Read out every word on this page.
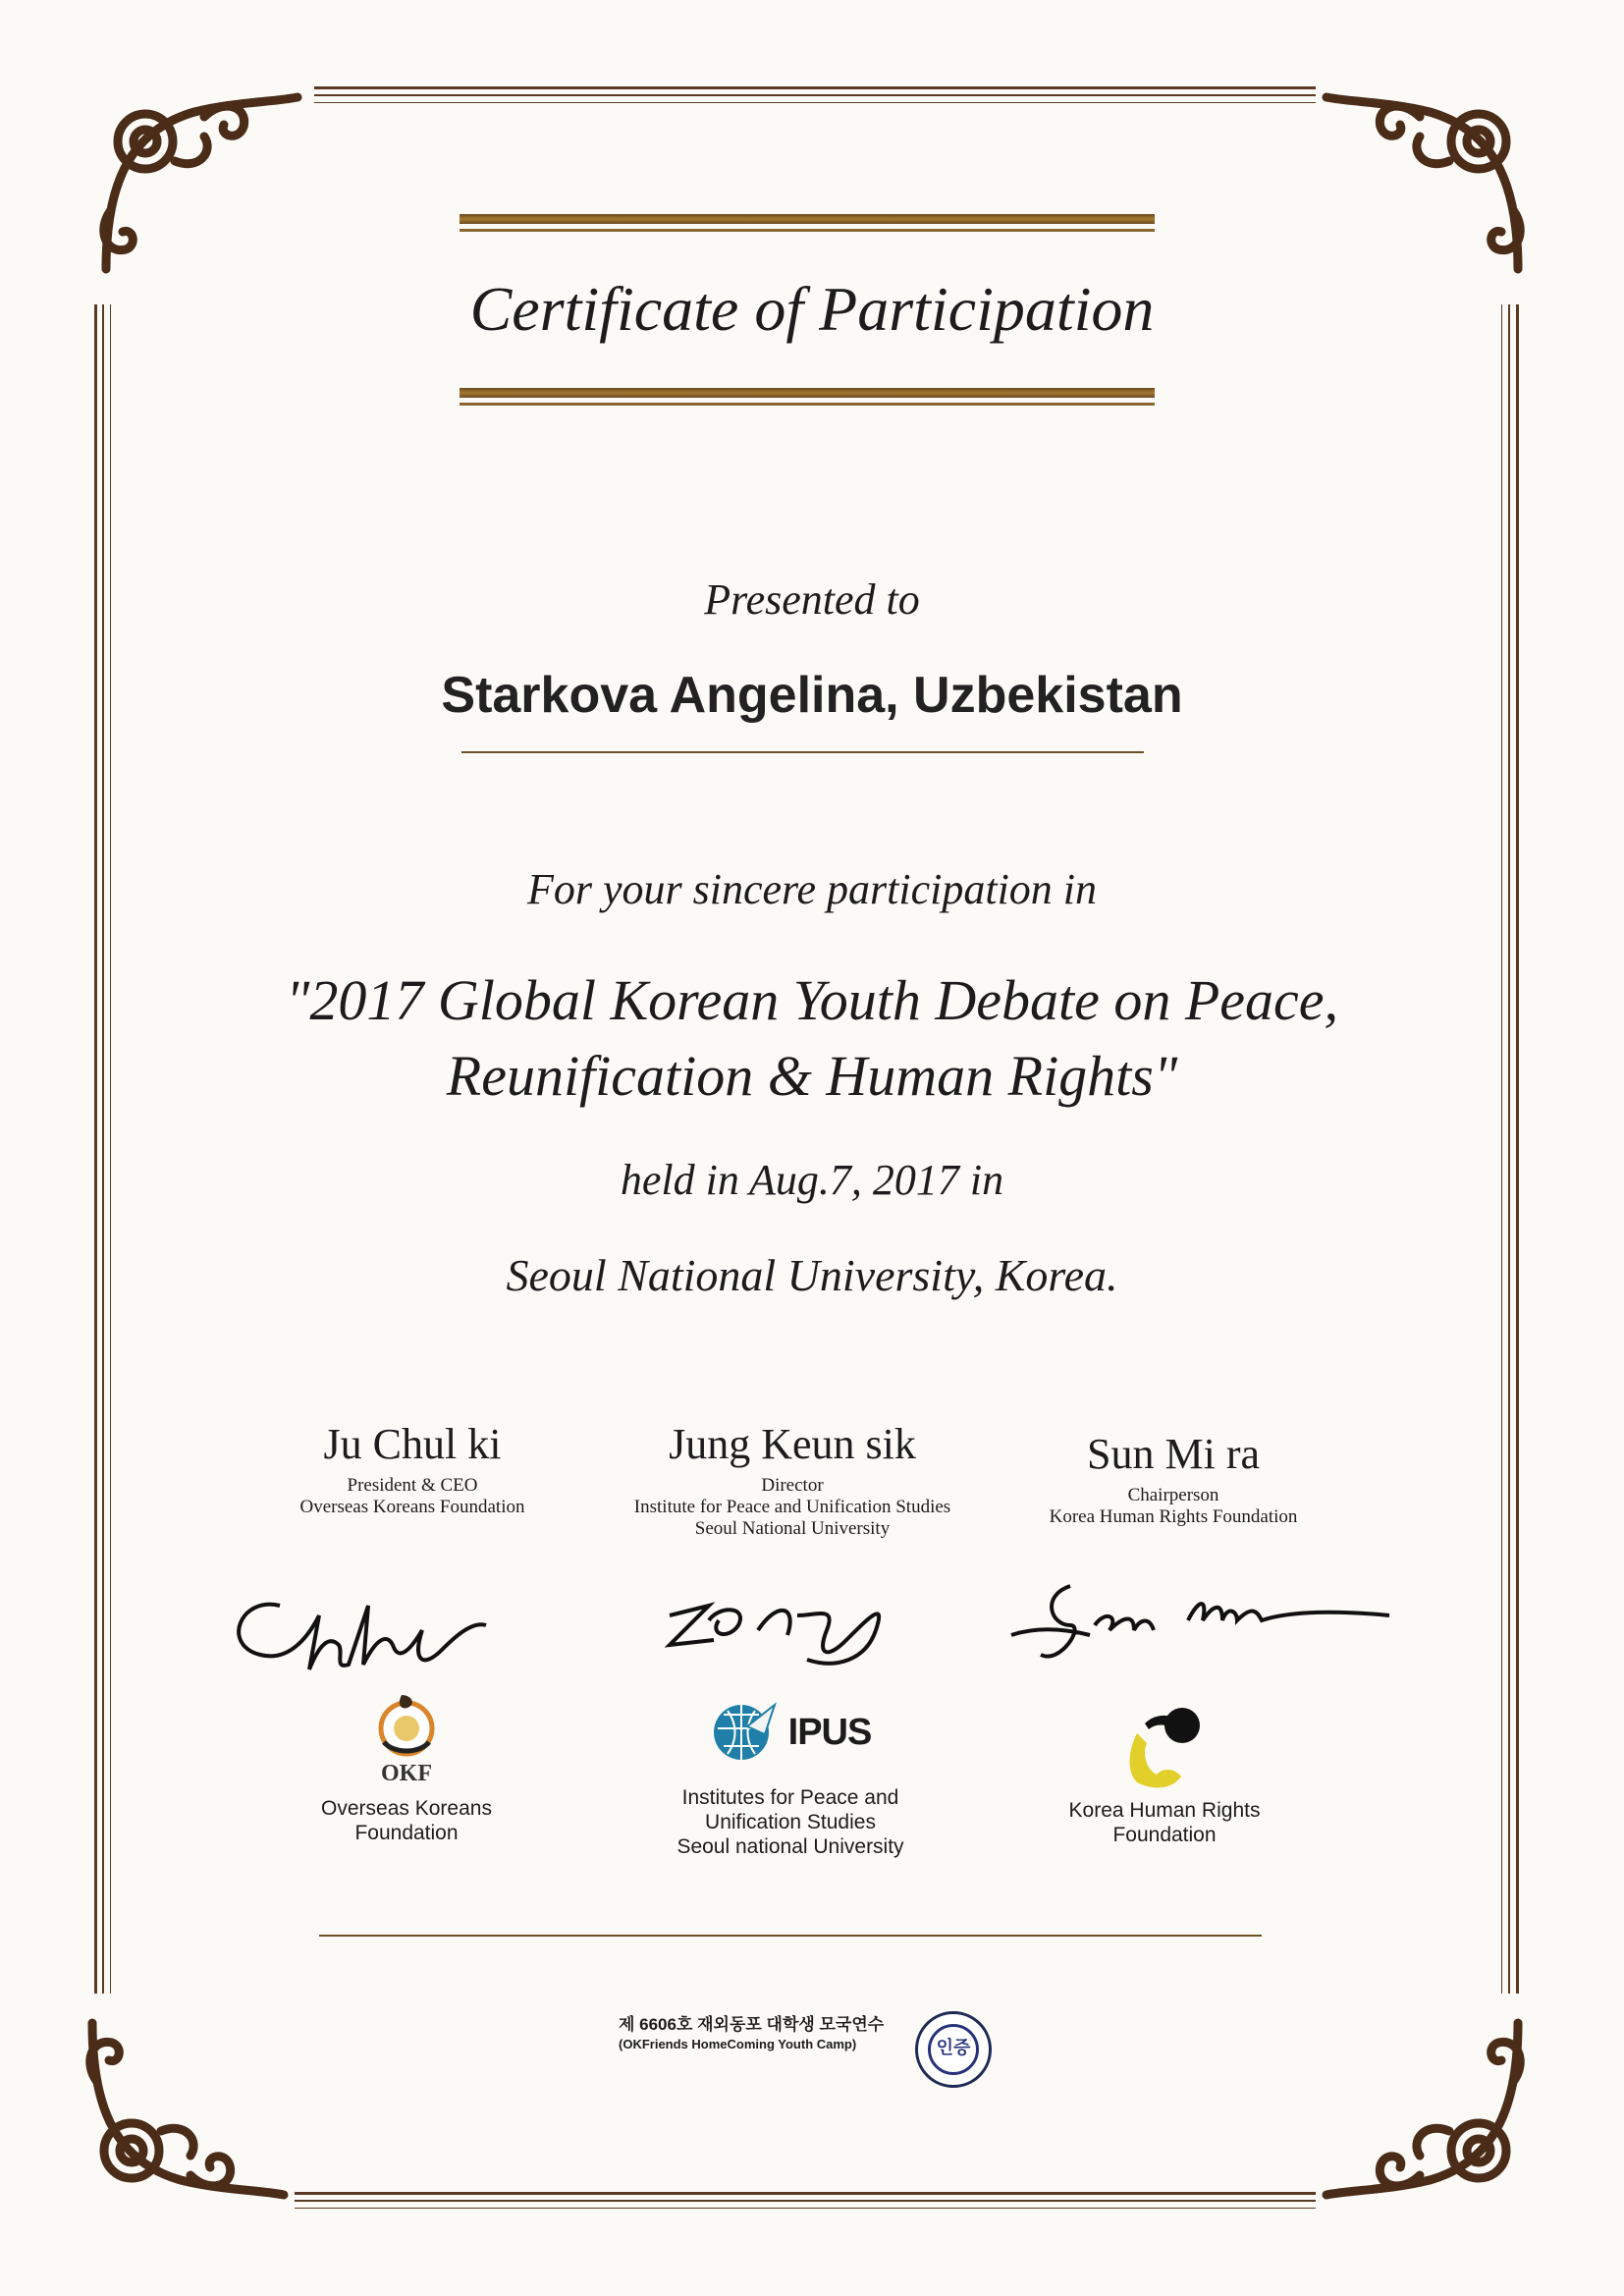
Certificate of Participation
Presented to
Starkova Angelina, Uzbekistan
For your sincere participation in
"2017 Global Korean Youth Debate on Peace,
Reunification & Human Rights"
held in Aug.7, 2017 in
Seoul National University, Korea.
Ju Chul ki
President & CEO
Overseas Koreans Foundation
Jung Keun sik
Director
Institute for Peace and Unification Studies
Seoul National University
Sun Mi ra
Chairperson
Korea Human Rights Foundation
OKF
Overseas Koreans
Foundation
IPUS
Institutes for Peace and
Unification Studies
Seoul national University
Korea Human Rights
Foundation
제 6606호 재외동포 대학생 모국연수
(OKFriends HomeComing Youth Camp)	인증
